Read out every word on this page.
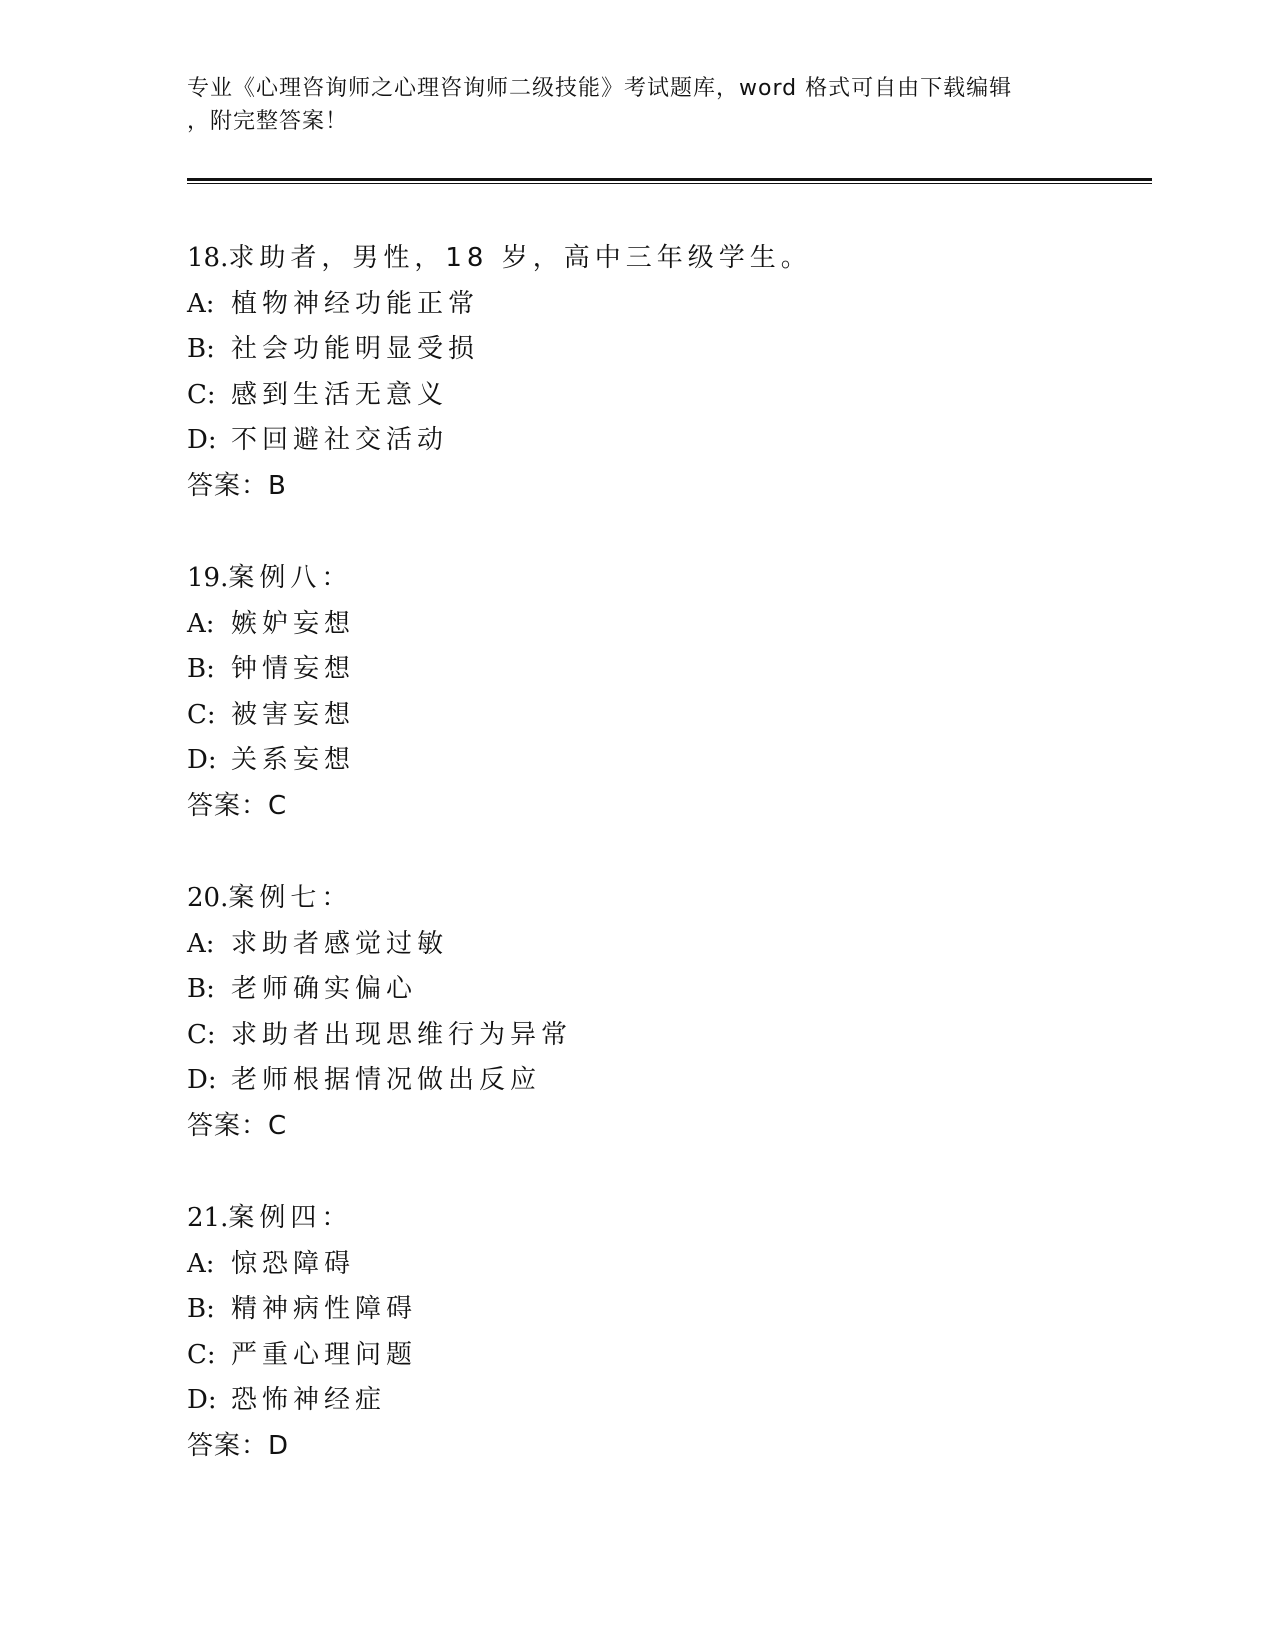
专业《心理咨询师之心理咨询师二级技能》考试题库，word 格式可自由下载编辑
，附完整答案！
18.求助者，男性，18 岁，高中三年级学生。
A: 植物神经功能正常
B: 社会功能明显受损
C: 感到生活无意义
D: 不回避社交活动
答案：B
19.案例八：
A: 嫉妒妄想
B: 钟情妄想
C: 被害妄想
D: 关系妄想
答案：C
20.案例七：
A: 求助者感觉过敏
B: 老师确实偏心
C: 求助者出现思维行为异常
D: 老师根据情况做出反应
答案：C
21.案例四：
A: 惊恐障碍
B: 精神病性障碍
C: 严重心理问题
D: 恐怖神经症
答案：D
